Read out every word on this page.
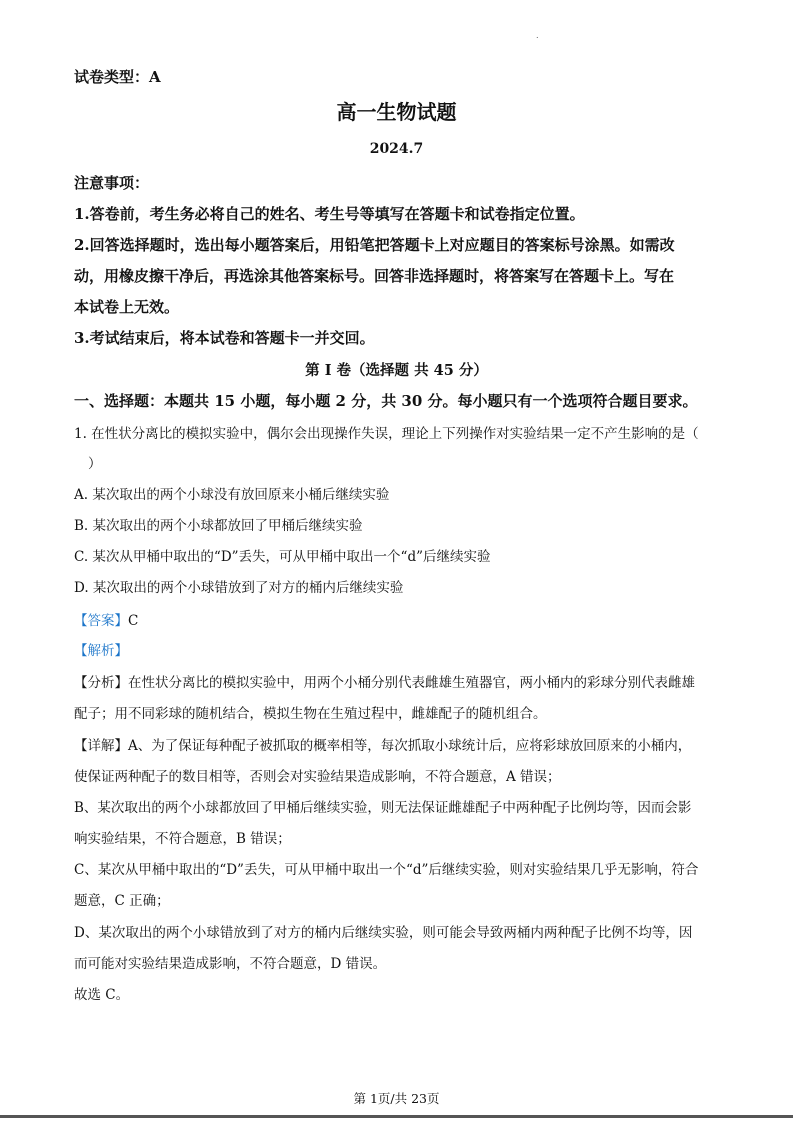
.
试卷类型：A
高一生物试题
2024.7
注意事项：
1.答卷前，考生务必将自己的姓名、考生号等填写在答题卡和试卷指定位置。
2.回答选择题时，选出每小题答案后，用铅笔把答题卡上对应题目的答案标号涂黑。如需改
动，用橡皮擦干净后，再选涂其他答案标号。回答非选择题时，将答案写在答题卡上。写在
本试卷上无效。
3.考试结束后，将本试卷和答题卡一并交回。
第 I 卷（选择题 共 45 分）
一、选择题：本题共 15 小题，每小题 2 分，共 30 分。每小题只有一个选项符合题目要求。
1. 在性状分离比的模拟实验中，偶尔会出现操作失误，理论上下列操作对实验结果一定不产生影响的是（
）
A. 某次取出的两个小球没有放回原来小桶后继续实验
B. 某次取出的两个小球都放回了甲桶后继续实验
C. 某次从甲桶中取出的“D”丢失，可从甲桶中取出一个“d”后继续实验
D. 某次取出的两个小球错放到了对方的桶内后继续实验
【答案】C
【解析】
【分析】在性状分离比的模拟实验中，用两个小桶分别代表雌雄生殖器官，两小桶内的彩球分别代表雌雄
配子；用不同彩球的随机结合，模拟生物在生殖过程中，雌雄配子的随机组合。
【详解】A、为了保证每种配子被抓取的概率相等，每次抓取小球统计后，应将彩球放回原来的小桶内，
使保证两种配子的数目相等，否则会对实验结果造成影响，不符合题意，A 错误；
B、某次取出的两个小球都放回了甲桶后继续实验，则无法保证雌雄配子中两种配子比例均等，因而会影
响实验结果，不符合题意，B 错误；
C、某次从甲桶中取出的“D”丢失，可从甲桶中取出一个“d”后继续实验，则对实验结果几乎无影响，符合
题意，C 正确；
D、某次取出的两个小球错放到了对方的桶内后继续实验，则可能会导致两桶内两种配子比例不均等，因
而可能对实验结果造成影响，不符合题意，D 错误。
故选 C。
第 1页/共 23页
